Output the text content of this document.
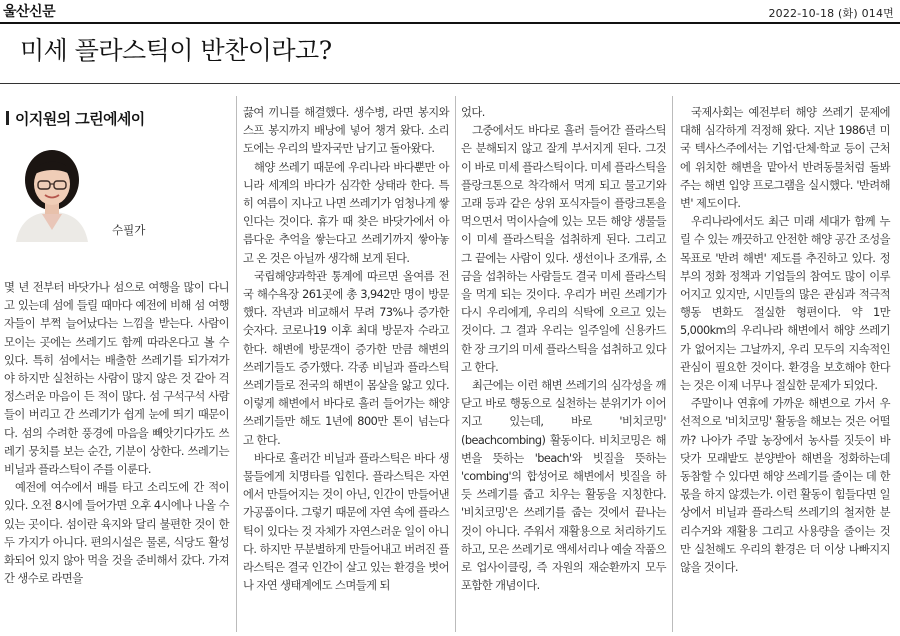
울산신문	2022-10-18 (화) 014면
미세 플라스틱이 반찬이라고?
이지원의 그린에세이
수필가

몇 년 전부터 바닷가나 섬으로 여행을 많이 다니고 있는데 섬에 들릴 때마다 예전에 비해 섬 여행자들이 부쩍 늘어났다는 느낌을 받는다. 사람이 모이는 곳에는 쓰레기도 함께 따라온다고 볼 수 있다. 특히 섬에서는 배출한 쓰레기를 되가져가야 하지만 실천하는 사람이 많지 않은 것 같아 걱정스러운 마음이 든 적이 많다. 섬 구석구석 사람들이 버리고 간 쓰레기가 쉽게 눈에 띄기 때문이다. 섬의 수려한 풍경에 마음을 빼앗기다가도 쓰레기 뭉치를 보는 순간, 기분이 상한다. 쓰레기는 비닐과 플라스틱이 주를 이룬다.

예전에 여수에서 배를 타고 소리도에 간 적이 있다. 오전 8시에 들어가면 오후 4시에나 나올 수 있는 곳이다. 섬이란 육지와 달리 불편한 것이 한두 가지가 아니다. 편의시설은 물론, 식당도 활성화되어 있지 않아 먹을 것을 준비해서 갔다. 가져간 생수로 라면을

끓여 끼니를 해결했다. 생수병, 라면 봉지와 스프 봉지까지 배낭에 넣어 챙겨 왔다. 소리도에는 우리의 발자국만 남기고 돌아왔다.

해양 쓰레기 때문에 우리나라 바다뿐만 아니라 세계의 바다가 심각한 상태라 한다. 특히 여름이 지나고 나면 쓰레기가 엄청나게 쌓인다는 것이다. 휴가 때 찾은 바닷가에서 아름다운 추억을 쌓는다고 쓰레기까지 쌓아놓고 온 것은 아닐까 생각해 보게 된다.

국립해양과학관 통계에 따르면 올여름 전국 해수욕장 261곳에 총 3,942만 명이 방문했다. 작년과 비교해서 무려 73%나 증가한 숫자다. 코로나19 이후 최대 방문자 수라고 한다. 해변에 방문객이 증가한 만큼 해변의 쓰레기들도 증가했다. 각종 비닐과 플라스틱 쓰레기들로 전국의 해변이 몸살을 앓고 있다. 이렇게 해변에서 바다로 흘러 들어가는 해양 쓰레기들만 해도 1년에 800만 톤이 넘는다고 한다.

바다로 흘러간 비닐과 플라스틱은 바다 생물들에게 치명타를 입힌다. 플라스틱은 자연에서 만들어지는 것이 아닌, 인간이 만들어낸 가공품이다. 그렇기 때문에 자연 속에 플라스틱이 있다는 것 자체가 자연스러운 일이 아니다. 하지만 무분별하게 만들어내고 버려진 플라스틱은 결국 인간이 살고 있는 환경을 벗어나 자연 생태계에도 스며들게 되

었다.

그중에서도 바다로 흘러 들어간 플라스틱은 분해되지 않고 잘게 부서지게 된다. 그것이 바로 미세 플라스틱이다. 미세 플라스틱을 플랑크톤으로 착각해서 먹게 되고 물고기와 고래 등과 같은 상위 포식자들이 플랑크톤을 먹으면서 먹이사슬에 있는 모든 해양 생물들이 미세 플라스틱을 섭취하게 된다. 그리고 그 끝에는 사람이 있다. 생선이나 조개류, 소금을 섭취하는 사람들도 결국 미세 플라스틱을 먹게 되는 것이다. 우리가 버린 쓰레기가 다시 우리에게, 우리의 식탁에 오르고 있는 것이다. 그 결과 우리는 일주일에 신용카드 한 장 크기의 미세 플라스틱을 섭취하고 있다고 한다.

최근에는 이런 해변 쓰레기의 심각성을 깨닫고 바로 행동으로 실천하는 분위기가 이어지고 있는데, 바로 '비치코밍' (beachcombing) 활동이다. 비치코밍은 해변을 뜻하는 'beach'와 빗질을 뜻하는 'combing'의 합성어로 해변에서 빗질을 하듯 쓰레기를 줍고 치우는 활동을 지칭한다. '비치코밍'은 쓰레기를 줍는 것에서 끝나는 것이 아니다. 주워서 재활용으로 처리하기도 하고, 모은 쓰레기로 액세서리나 예술 작품으로 업사이클링, 즉 자원의 재순환까지 모두 포함한 개념이다.

국제사회는 예전부터 해양 쓰레기 문제에 대해 심각하게 걱정해 왔다. 지난 1986년 미국 텍사스주에서는 기업·단체·학교 등이 근처에 위치한 해변을 맡아서 반려동물처럼 돌봐주는 해변 입양 프로그램을 실시했다. '반려해변' 제도이다.

우리나라에서도 최근 미래 세대가 함께 누릴 수 있는 깨끗하고 안전한 해양 공간 조성을 목표로 '반려 해변' 제도를 추진하고 있다. 정부의 정화 정책과 기업들의 참여도 많이 이루어지고 있지만, 시민들의 많은 관심과 적극적 행동 변화도 절실한 형편이다. 약 1만 5,000km의 우리나라 해변에서 해양 쓰레기가 없어지는 그날까지, 우리 모두의 지속적인 관심이 필요한 것이다. 환경을 보호해야 한다는 것은 이제 너무나 절실한 문제가 되었다.

주말이나 연휴에 가까운 해변으로 가서 우선적으로 '비치코밍' 활동을 해보는 것은 어떨까? 나아가 주말 농장에서 농사를 짓듯이 바닷가 모래밭도 분양받아 해변을 정화하는데 동참할 수 있다면 해양 쓰레기를 줄이는 데 한몫을 하지 않겠는가. 이런 활동이 힘들다면 일상에서 비닐과 플라스틱 쓰레기의 철저한 분리수거와 재활용 그리고 사용량을 줄이는 것만 실천해도 우리의 환경은 더 이상 나빠지지 않을 것이다.
